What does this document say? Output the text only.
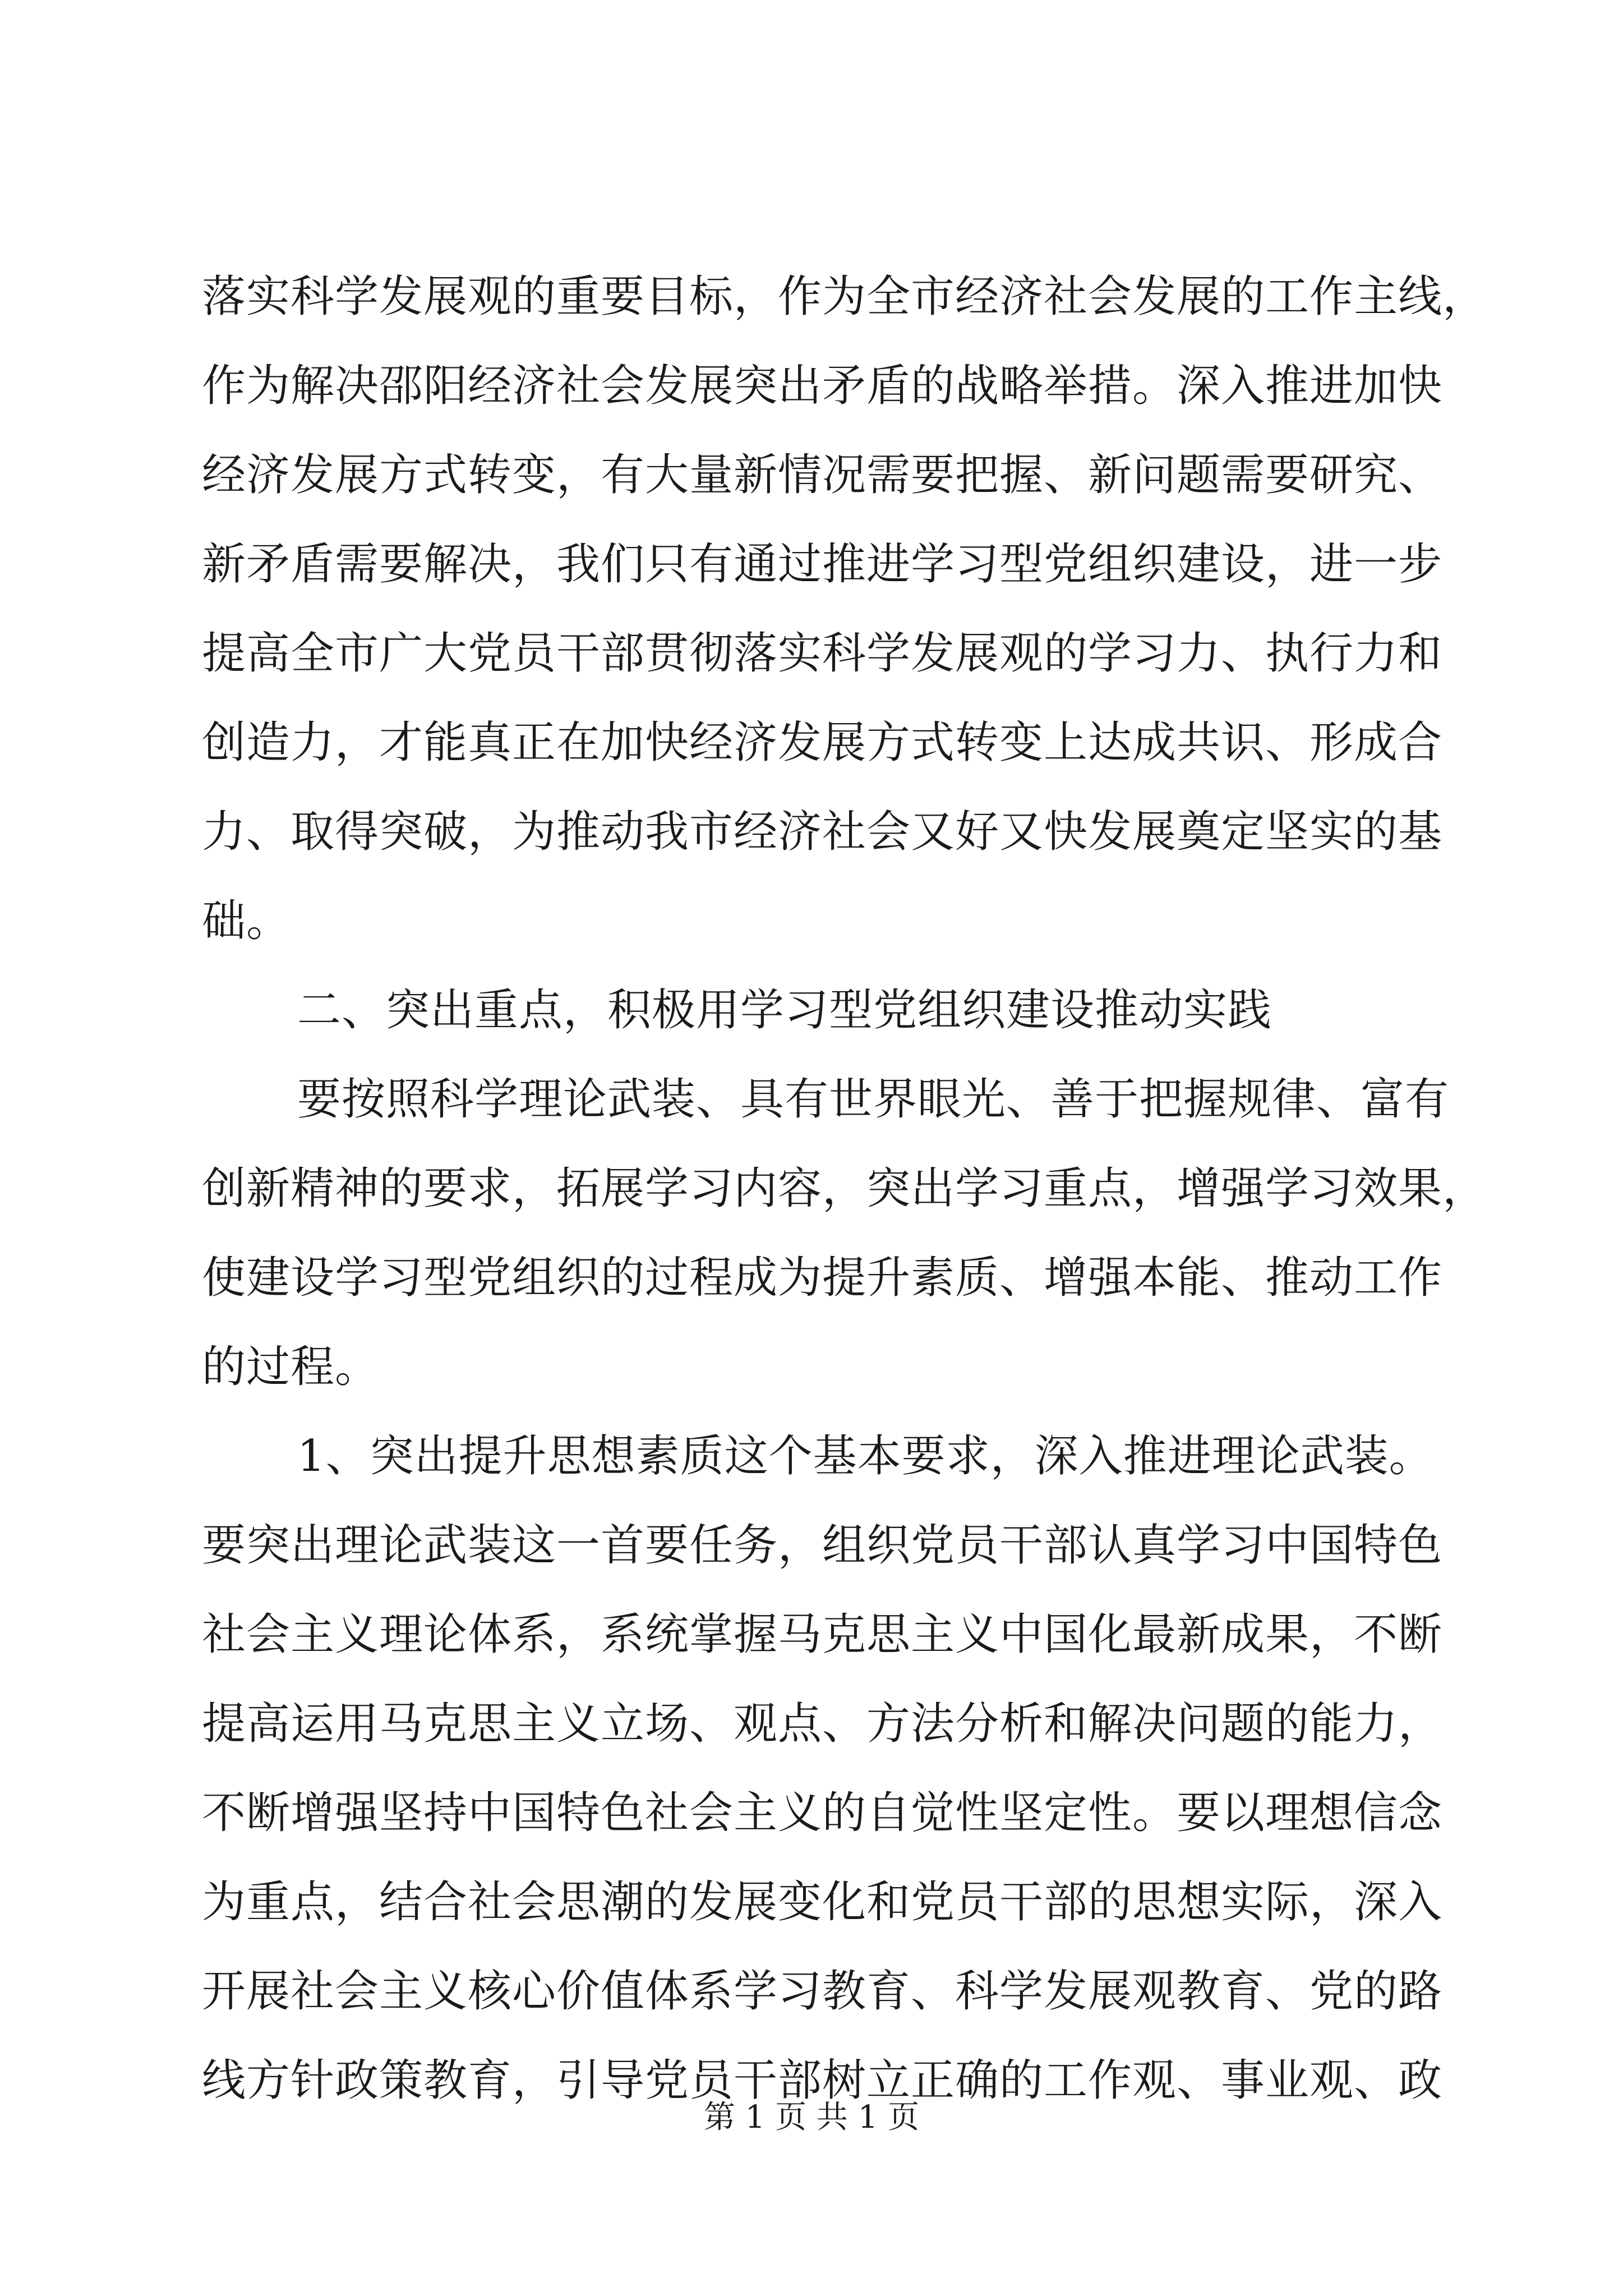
落实科学发展观的重要目标，作为全市经济社会发展的工作主线，
作为解决邵阳经济社会发展突出矛盾的战略举措。深入推进加快
经济发展方式转变，有大量新情况需要把握、新问题需要研究、
新矛盾需要解决，我们只有通过推进学习型党组织建设，进一步
提高全市广大党员干部贯彻落实科学发展观的学习力、执行力和
创造力，才能真正在加快经济发展方式转变上达成共识、形成合
力、取得突破，为推动我市经济社会又好又快发展奠定坚实的基
础。
二、突出重点，积极用学习型党组织建设推动实践
要按照科学理论武装、具有世界眼光、善于把握规律、富有
创新精神的要求，拓展学习内容，突出学习重点，增强学习效果，
使建设学习型党组织的过程成为提升素质、增强本能、推动工作
的过程。
1、突出提升思想素质这个基本要求，深入推进理论武装。
要突出理论武装这一首要任务，组织党员干部认真学习中国特色
社会主义理论体系，系统掌握马克思主义中国化最新成果，不断
提高运用马克思主义立场、观点、方法分析和解决问题的能力，
不断增强坚持中国特色社会主义的自觉性坚定性。要以理想信念
为重点，结合社会思潮的发展变化和党员干部的思想实际，深入
开展社会主义核心价值体系学习教育、科学发展观教育、党的路
线方针政策教育，引导党员干部树立正确的工作观、事业观、政
第 1 页 共 1 页
